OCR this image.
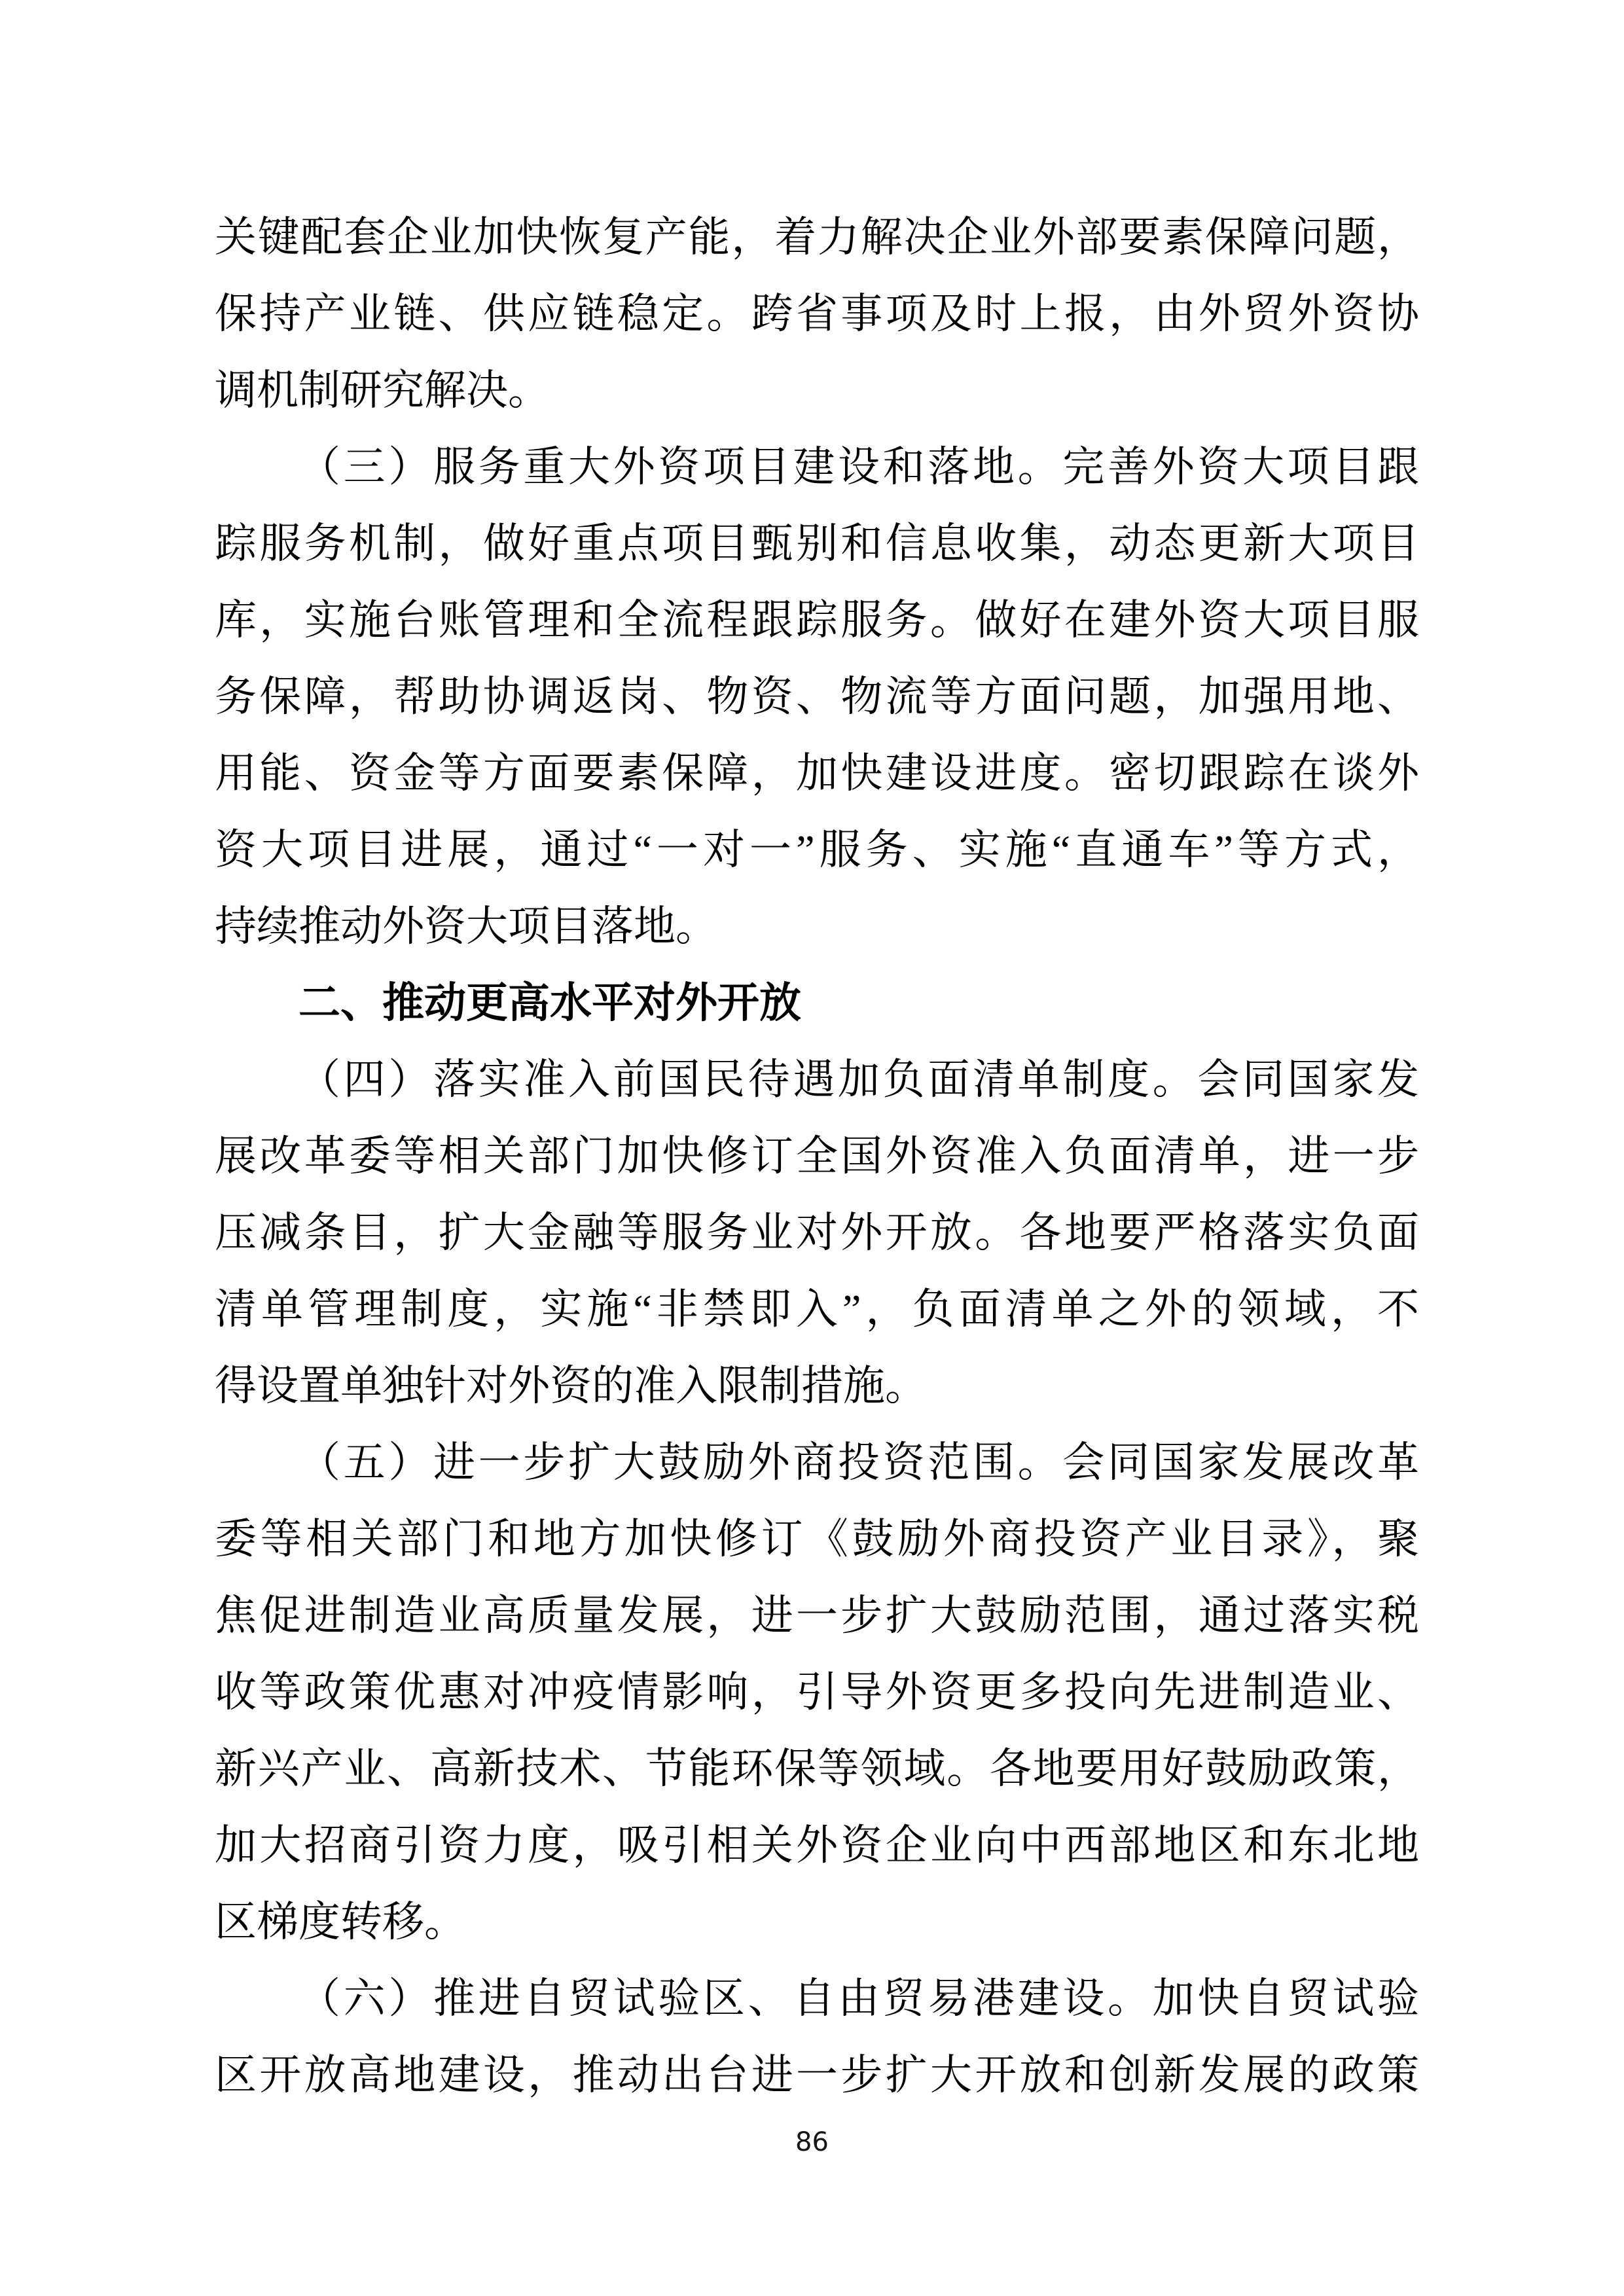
关键配套企业加快恢复产能，着力解决企业外部要素保障问题，

保持产业链、供应链稳定。跨省事项及时上报，由外贸外资协

调机制研究解决。

（三）服务重大外资项目建设和落地。完善外资大项目跟

踪服务机制，做好重点项目甄别和信息收集，动态更新大项目

库，实施台账管理和全流程跟踪服务。做好在建外资大项目服

务保障，帮助协调返岗、物资、物流等方面问题，加强用地、

用能、资金等方面要素保障，加快建设进度。密切跟踪在谈外

资大项目进展，通过“一对一”服务、实施“直通车”等方式，

持续推动外资大项目落地。

二、推动更高水平对外开放

（四）落实准入前国民待遇加负面清单制度。会同国家发

展改革委等相关部门加快修订全国外资准入负面清单，进一步

压减条目，扩大金融等服务业对外开放。各地要严格落实负面

清单管理制度，实施“非禁即入”，负面清单之外的领域，不

得设置单独针对外资的准入限制措施。

（五）进一步扩大鼓励外商投资范围。会同国家发展改革

委等相关部门和地方加快修订《鼓励外商投资产业目录》，聚

焦促进制造业高质量发展，进一步扩大鼓励范围，通过落实税

收等政策优惠对冲疫情影响，引导外资更多投向先进制造业、

新兴产业、高新技术、节能环保等领域。各地要用好鼓励政策，

加大招商引资力度，吸引相关外资企业向中西部地区和东北地

区梯度转移。

（六）推进自贸试验区、自由贸易港建设。加快自贸试验

区开放高地建设，推动出台进一步扩大开放和创新发展的政策

86
